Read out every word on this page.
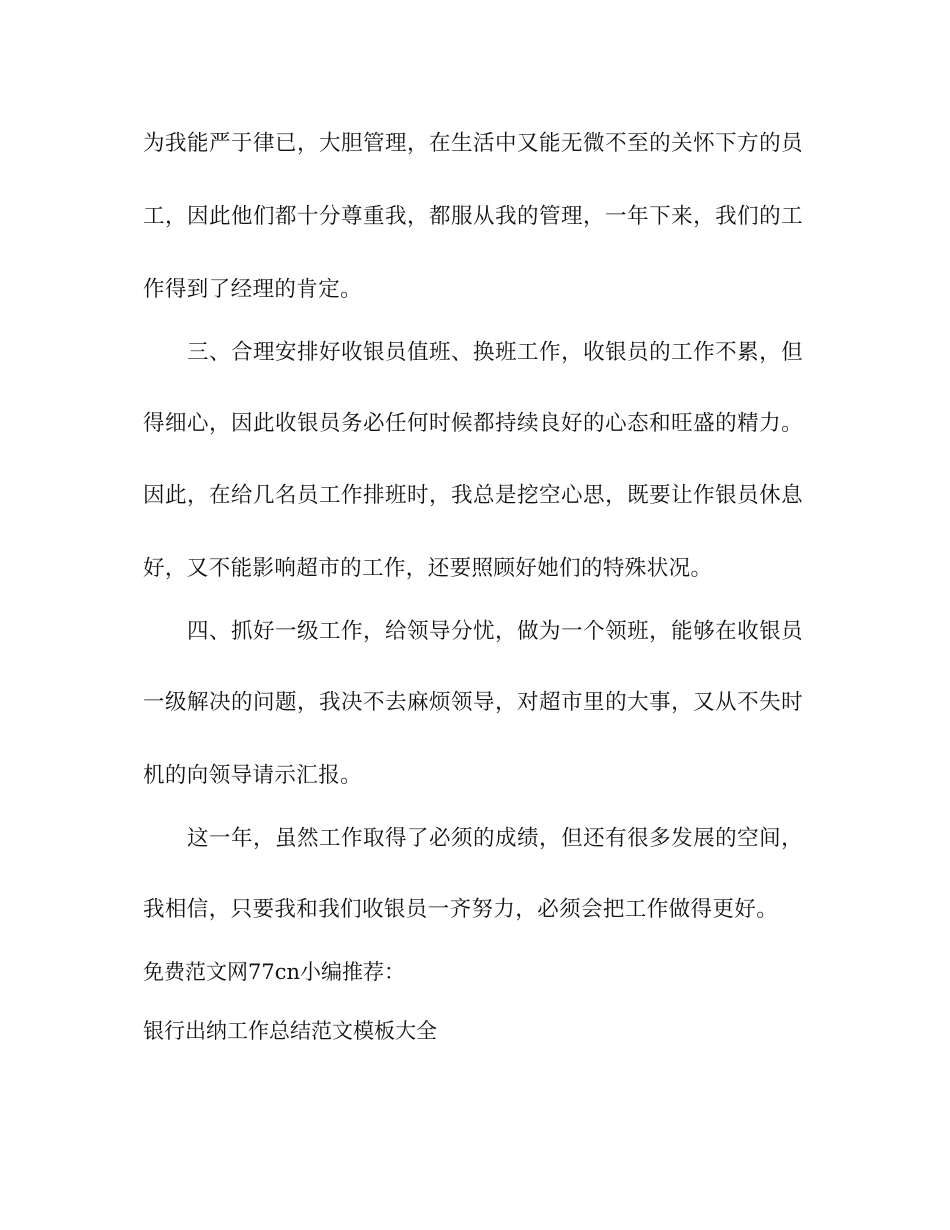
为我能严于律已，大胆管理，在生活中又能无微不至的关怀下方的员
工，因此他们都十分尊重我，都服从我的管理，一年下来，我们的工
作得到了经理的肯定。
三、合理安排好收银员值班、换班工作，收银员的工作不累，但
得细心，因此收银员务必任何时候都持续良好的心态和旺盛的精力。
因此，在给几名员工作排班时，我总是挖空心思，既要让作银员休息
好，又不能影响超市的工作，还要照顾好她们的特殊状况。
四、抓好一级工作，给领导分忧，做为一个领班，能够在收银员
一级解决的问题，我决不去麻烦领导，对超市里的大事，又从不失时
机的向领导请示汇报。
这一年，虽然工作取得了必须的成绩，但还有很多发展的空间，
我相信，只要我和我们收银员一齐努力，必须会把工作做得更好。
免费范文网77cn小编推荐：
银行出纳工作总结范文模板大全
